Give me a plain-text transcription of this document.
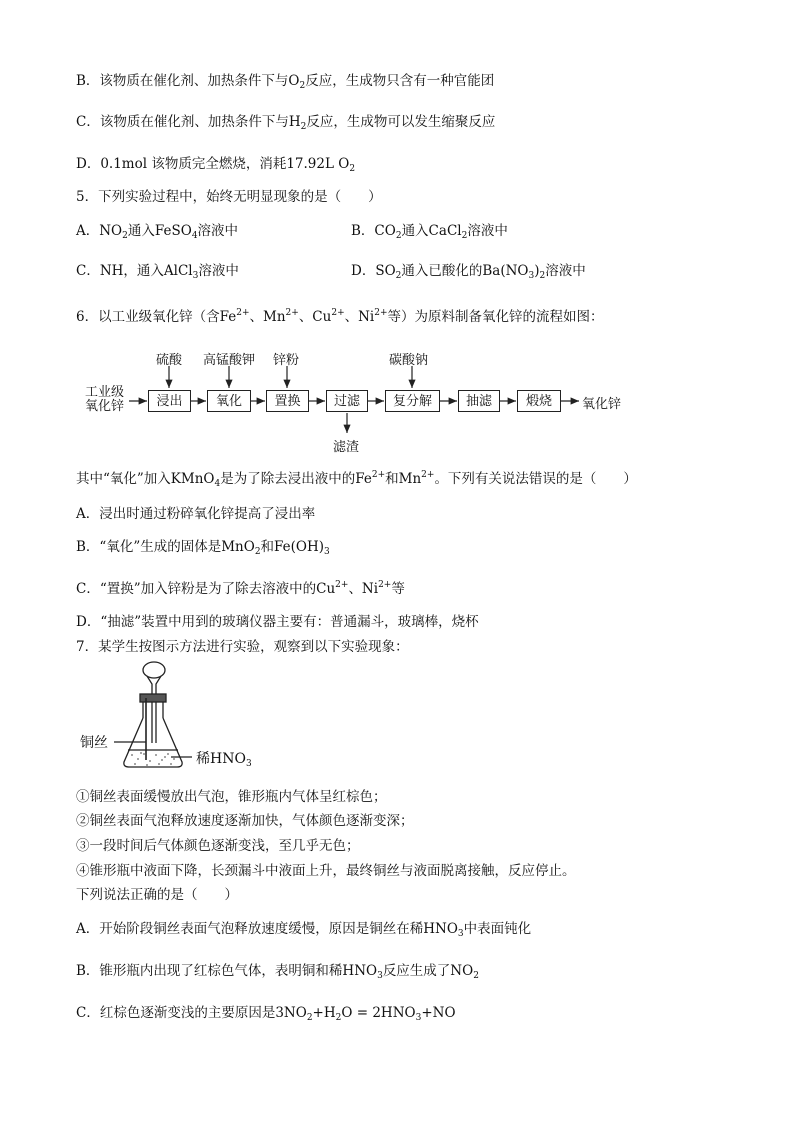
B．该物质在催化剂、加热条件下与$O_2$反应，生成物只含有一种官能团
C．该物质在催化剂、加热条件下与$H_2$反应，生成物可以发生缩聚反应
D．0.1mol 该物质完全燃烧，消耗17.92L $O_2$
5．下列实验过程中，始终无明显现象的是（　　）
A．$NO_2$通入FeSO$_4$溶液中	B．$CO_2$通入CaCl$_2$溶液中
C．NH，通入AlCl$_3$溶液中	D．$SO_2$通入已酸化的$Ba(NO_3)_2$溶液中
6．以工业级氧化锌（含$Fe^{2+}$、$Mn^{2+}$、$Cu^{2+}$、$Ni^{2+}$等）为原料制备氧化锌的流程如图：
工业级
氧化锌	浸出	氧化	置换	过滤	复分解	抽滤	煅烧
硫酸 高锰酸钾 锌粉	碳酸钠
滤渣
氧化锌
其中“氧化”加入KMnO$_4$是为了除去浸出液中的$Fe^{2+}$和$Mn^{2+}$。下列有关说法错误的是（　　）
A．浸出时通过粉碎氧化锌提高了浸出率
B．“氧化”生成的固体是MnO$_2$和$Fe(OH)_3$
C．“置换”加入锌粉是为了除去溶液中的$Cu^{2+}$、$Ni^{2+}$等
D．“抽滤”装置中用到的玻璃仪器主要有：普通漏斗，玻璃棒，烧杯
7．某学生按图示方法进行实验，观察到以下实验现象：
铜丝
稀$HNO_3$
①铜丝表面缓慢放出气泡，锥形瓶内气体呈红棕色；
②铜丝表面气泡释放速度逐渐加快，气体颜色逐渐变深；
③一段时间后气体颜色逐渐变浅，至几乎无色；
④锥形瓶中液面下降，长颈漏斗中液面上升，最终铜丝与液面脱离接触，反应停止。
下列说法正确的是（　　）
A．开始阶段铜丝表面气泡释放速度缓慢，原因是铜丝在稀$HNO_3$中表面钝化
B．锥形瓶内出现了红棕色气体，表明铜和稀$HNO_3$反应生成了$NO_2$
C．红棕色逐渐变浅的主要原因是$3NO_2+H_2O = 2HNO_3+NO$
